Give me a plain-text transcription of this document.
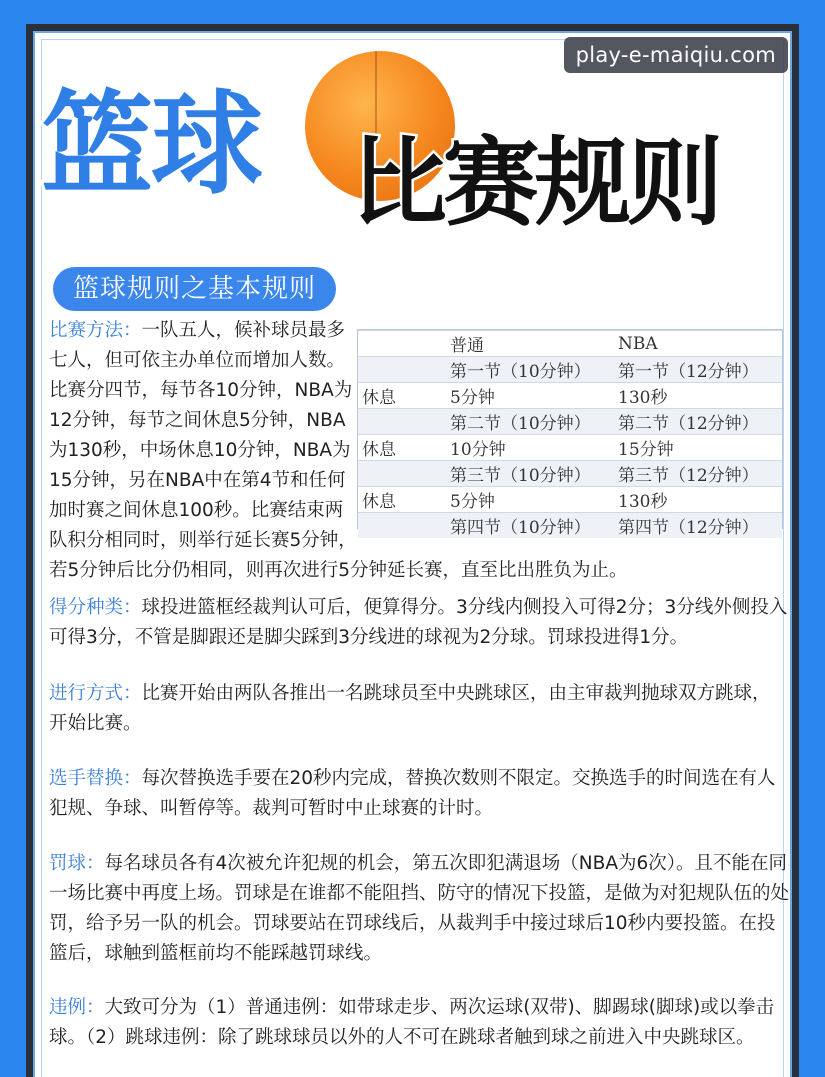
play-e-maiqiu.com
篮球 比赛规则
篮球规则之基本规则
比赛方法：一队五人，候补球员最多
七人，但可依主办单位而增加人数。
比赛分四节，每节各10分钟，NBA为
12分钟，每节之间休息5分钟，NBA
为130秒，中场休息10分钟，NBA为
15分钟，另在NBA中在第4节和任何
加时赛之间休息100秒。比赛结束两
队积分相同时，则举行延长赛5分钟，
若5分钟后比分仍相同，则再次进行5分钟延长赛，直至比出胜负为止。
	普通	NBA
	第一节（10分钟）	第一节（12分钟）
休息	5分钟	130秒
	第二节（10分钟）	第二节（12分钟）
休息	10分钟	15分钟
	第三节（10分钟）	第三节（12分钟）
休息	5分钟	130秒
	第四节（10分钟）	第四节（12分钟）
得分种类：球投进篮框经裁判认可后，便算得分。3分线内侧投入可得2分；3分线外侧投入可得3分，不管是脚跟还是脚尖踩到3分线进的球视为2分球。罚球投进得1分。
进行方式：比赛开始由两队各推出一名跳球员至中央跳球区，由主审裁判抛球双方跳球，开始比赛。
选手替换：每次替换选手要在20秒内完成，替换次数则不限定。交换选手的时间选在有人犯规、争球、叫暂停等。裁判可暂时中止球赛的计时。
罚球：每名球员各有4次被允许犯规的机会，第五次即犯满退场（NBA为6次）。且不能在同一场比赛中再度上场。罚球是在谁都不能阻挡、防守的情况下投篮，是做为对犯规队伍的处罚，给予另一队的机会。罚球要站在罚球线后，从裁判手中接过球后10秒内要投篮。在投篮后，球触到篮框前均不能踩越罚球线。
违例：大致可分为（1）普通违例：如带球走步、两次运球(双带)、脚踢球(脚球)或以拳击球。（2）跳球违例：除了跳球球员以外的人不可在跳球者触到球之前进入中央跳球区。
